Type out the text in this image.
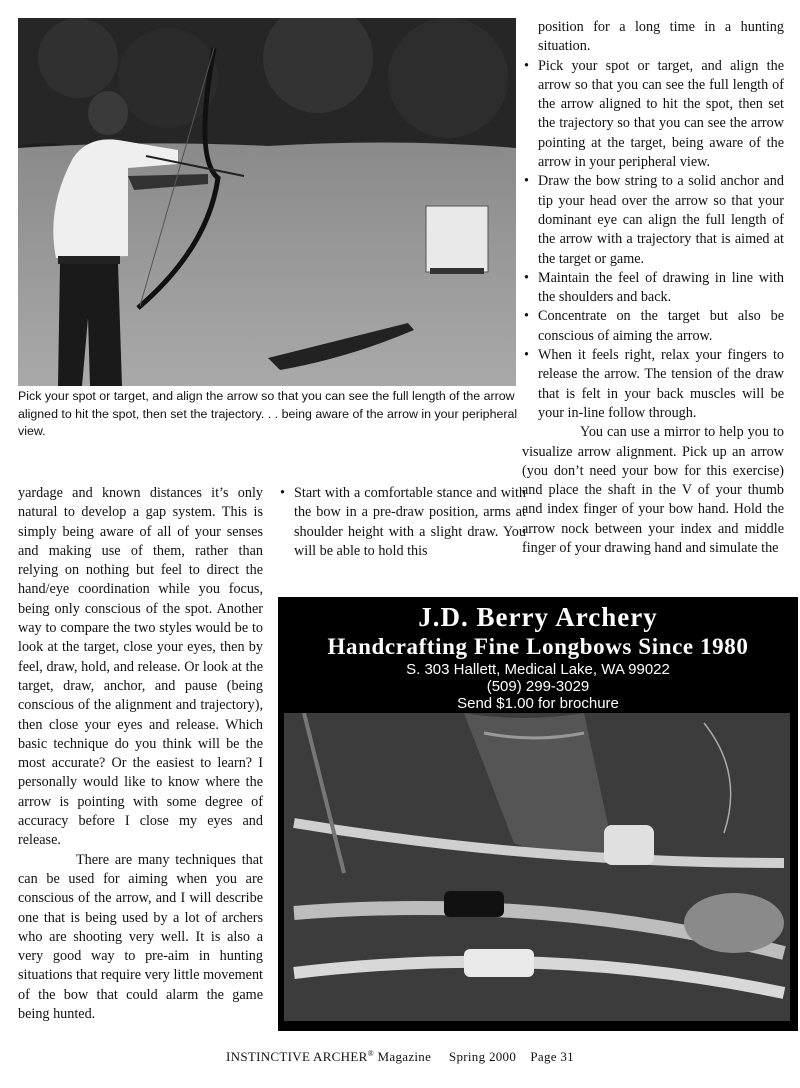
Pick your spot or target, and align the arrow so that you can see the full length of the arrow aligned to hit the spot, then set the trajectory. . . being aware of the arrow in your peripheral view.

yardage and known distances it’s only natural to develop a gap system. This is simply being aware of all of your senses and making use of them, rather than relying on nothing but feel to direct the hand/eye coordination while you focus, being only conscious of the spot. Another way to compare the two styles would be to look at the target, close your eyes, then by feel, draw, hold, and release. Or look at the target, draw, anchor, and pause (being conscious of the alignment and trajectory), then close your eyes and release. Which basic technique do you think will be the most accurate? Or the easiest to learn? I personally would like to know where the arrow is pointing with some degree of accuracy before I close my eyes and release.

There are many techniques that can be used for aiming when you are conscious of the arrow, and I will describe one that is being used by a lot of archers who are shooting very well. It is also a very good way to pre-aim in hunting situations that require very little movement of the bow that could alarm the game being hunted.

• Start with a comfortable stance and with the bow in a pre-draw position, arms at shoulder height with a slight draw. You will be able to hold this

position for a long time in a hunting situation.

• Pick your spot or target, and align the arrow so that you can see the full length of the arrow aligned to hit the spot, then set the trajectory so that you can see the arrow pointing at the target, being aware of the arrow in your peripheral view.
• Draw the bow string to a solid anchor and tip your head over the arrow so that your dominant eye can align the full length of the arrow with a trajectory that is aimed at the target or game.
• Maintain the feel of drawing in line with the shoulders and back.
• Concentrate on the target but also be conscious of aiming the arrow.
• When it feels right, relax your fingers to release the arrow. The tension of the draw that is felt in your back muscles will be your in-line follow through.

You can use a mirror to help you to visualize arrow alignment. Pick up an arrow (you don’t need your bow for this exercise) and place the shaft in the V of your thumb and index finger of your bow hand. Hold the arrow nock between your index and middle finger of your drawing hand and simulate the

J.D. Berry Archery
Handcrafting Fine Longbows Since 1980
S. 303 Hallett, Medical Lake, WA 99022
(509) 299-3029
Send $1.00 for brochure
INSTINCTIVE ARCHER® Magazine Spring 2000 Page 31
